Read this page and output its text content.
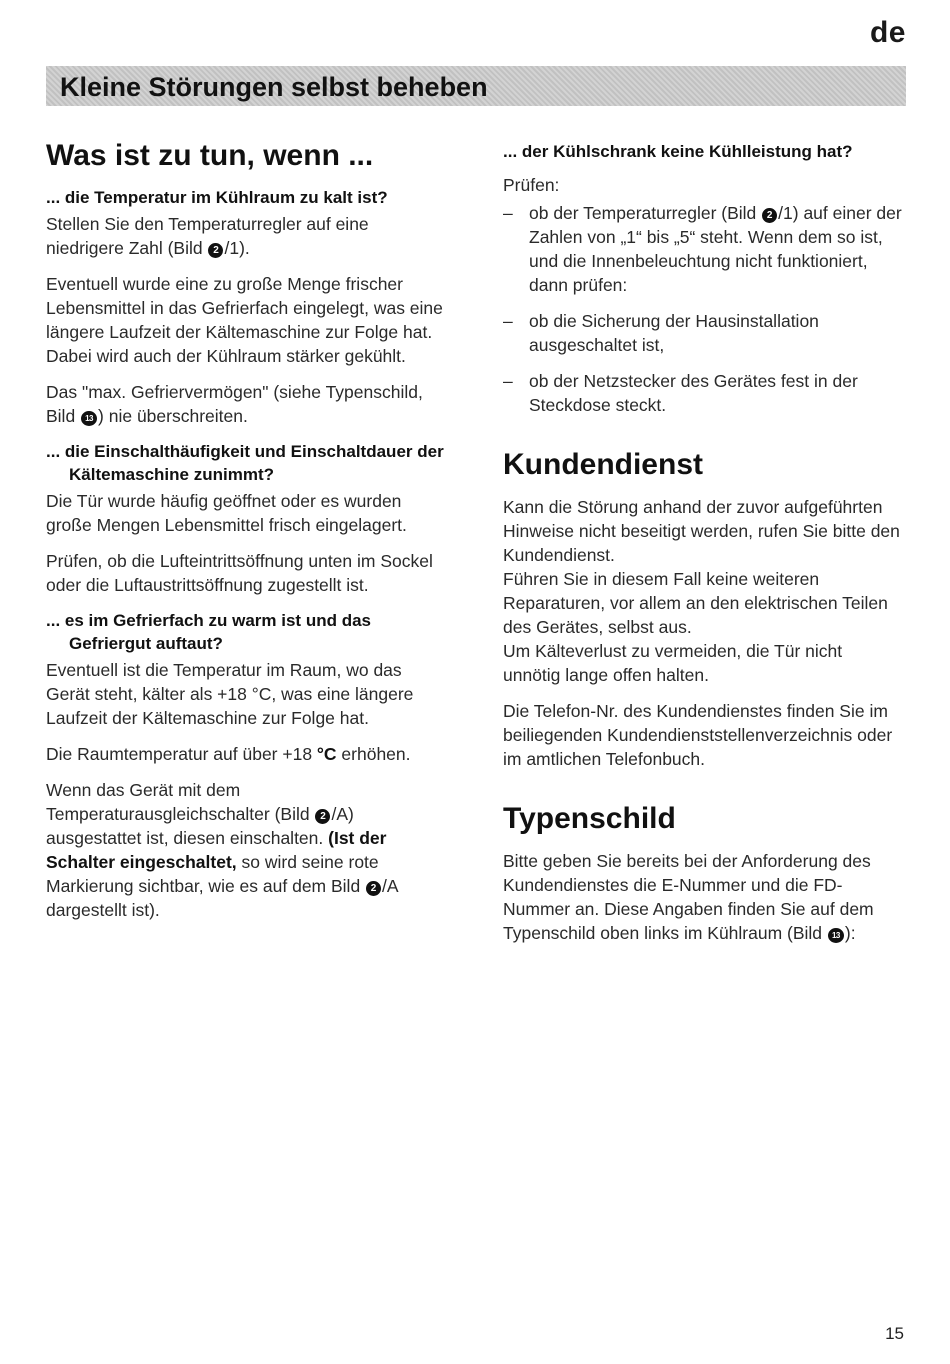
de
Kleine Störungen selbst beheben
Was ist zu tun, wenn ...
... die Temperatur im Kühlraum zu kalt ist?

Stellen Sie den Temperaturregler auf eine niedrigere Zahl (Bild 2 /1).

Eventuell wurde eine zu große Menge frischer Lebensmittel in das Gefrierfach eingelegt, was eine längere Laufzeit der Kältemaschine zur Folge hat. Dabei wird auch der Kühlraum stärker gekühlt.

Das "max. Gefriervermögen" (siehe Typenschild, Bild 13 ) nie überschreiten.

... die Einschalthäufigkeit und Einschaltdauer der Kältemaschine zunimmt?

Die Tür wurde häufig geöffnet oder es wurden große Mengen Lebensmittel frisch eingelagert.

Prüfen, ob die Lufteintrittsöffnung unten im Sockel oder die Luftaustrittsöffnung zugestellt ist.

... es im Gefrierfach zu warm ist und das Gefriergut auftaut?

Eventuell ist die Temperatur im Raum, wo das Gerät steht, kälter als +18 °C, was eine längere Laufzeit der Kältemaschine zur Folge hat.

Die Raumtemperatur auf über +18 °C erhöhen.

Wenn das Gerät mit dem Temperaturausgleichschalter (Bild 2 /A) ausgestattet ist, diesen einschalten. (Ist der Schalter eingeschaltet, so wird seine rote Markierung sichtbar, wie es auf dem Bild 2 /A dargestellt ist).

... der Kühlschrank keine Kühlleistung hat?

Prüfen:

– ob der Temperaturregler (Bild 2 /1) auf einer der Zahlen von „1“ bis „5“ steht. Wenn dem so ist, und die Innenbeleuchtung nicht funktioniert, dann prüfen:
– ob die Sicherung der Hausinstallation ausgeschaltet ist,
– ob der Netzstecker des Gerätes fest in der Steckdose steckt.
Kundendienst

Kann die Störung anhand der zuvor aufgeführten Hinweise nicht beseitigt werden, rufen Sie bitte den Kundendienst.
Führen Sie in diesem Fall keine weiteren Reparaturen, vor allem an den elektrischen Teilen des Gerätes, selbst aus.
Um Kälteverlust zu vermeiden, die Tür nicht unnötig lange offen halten.

Die Telefon-Nr. des Kundendienstes finden Sie im beiliegenden Kundendienststellenverzeichnis oder im amtlichen Telefonbuch.

Typenschild

Bitte geben Sie bereits bei der Anforderung des Kundendienstes die E-Nummer und die FD-Nummer an. Diese Angaben finden Sie auf dem Typenschild oben links im Kühlraum (Bild 13 ):

15
